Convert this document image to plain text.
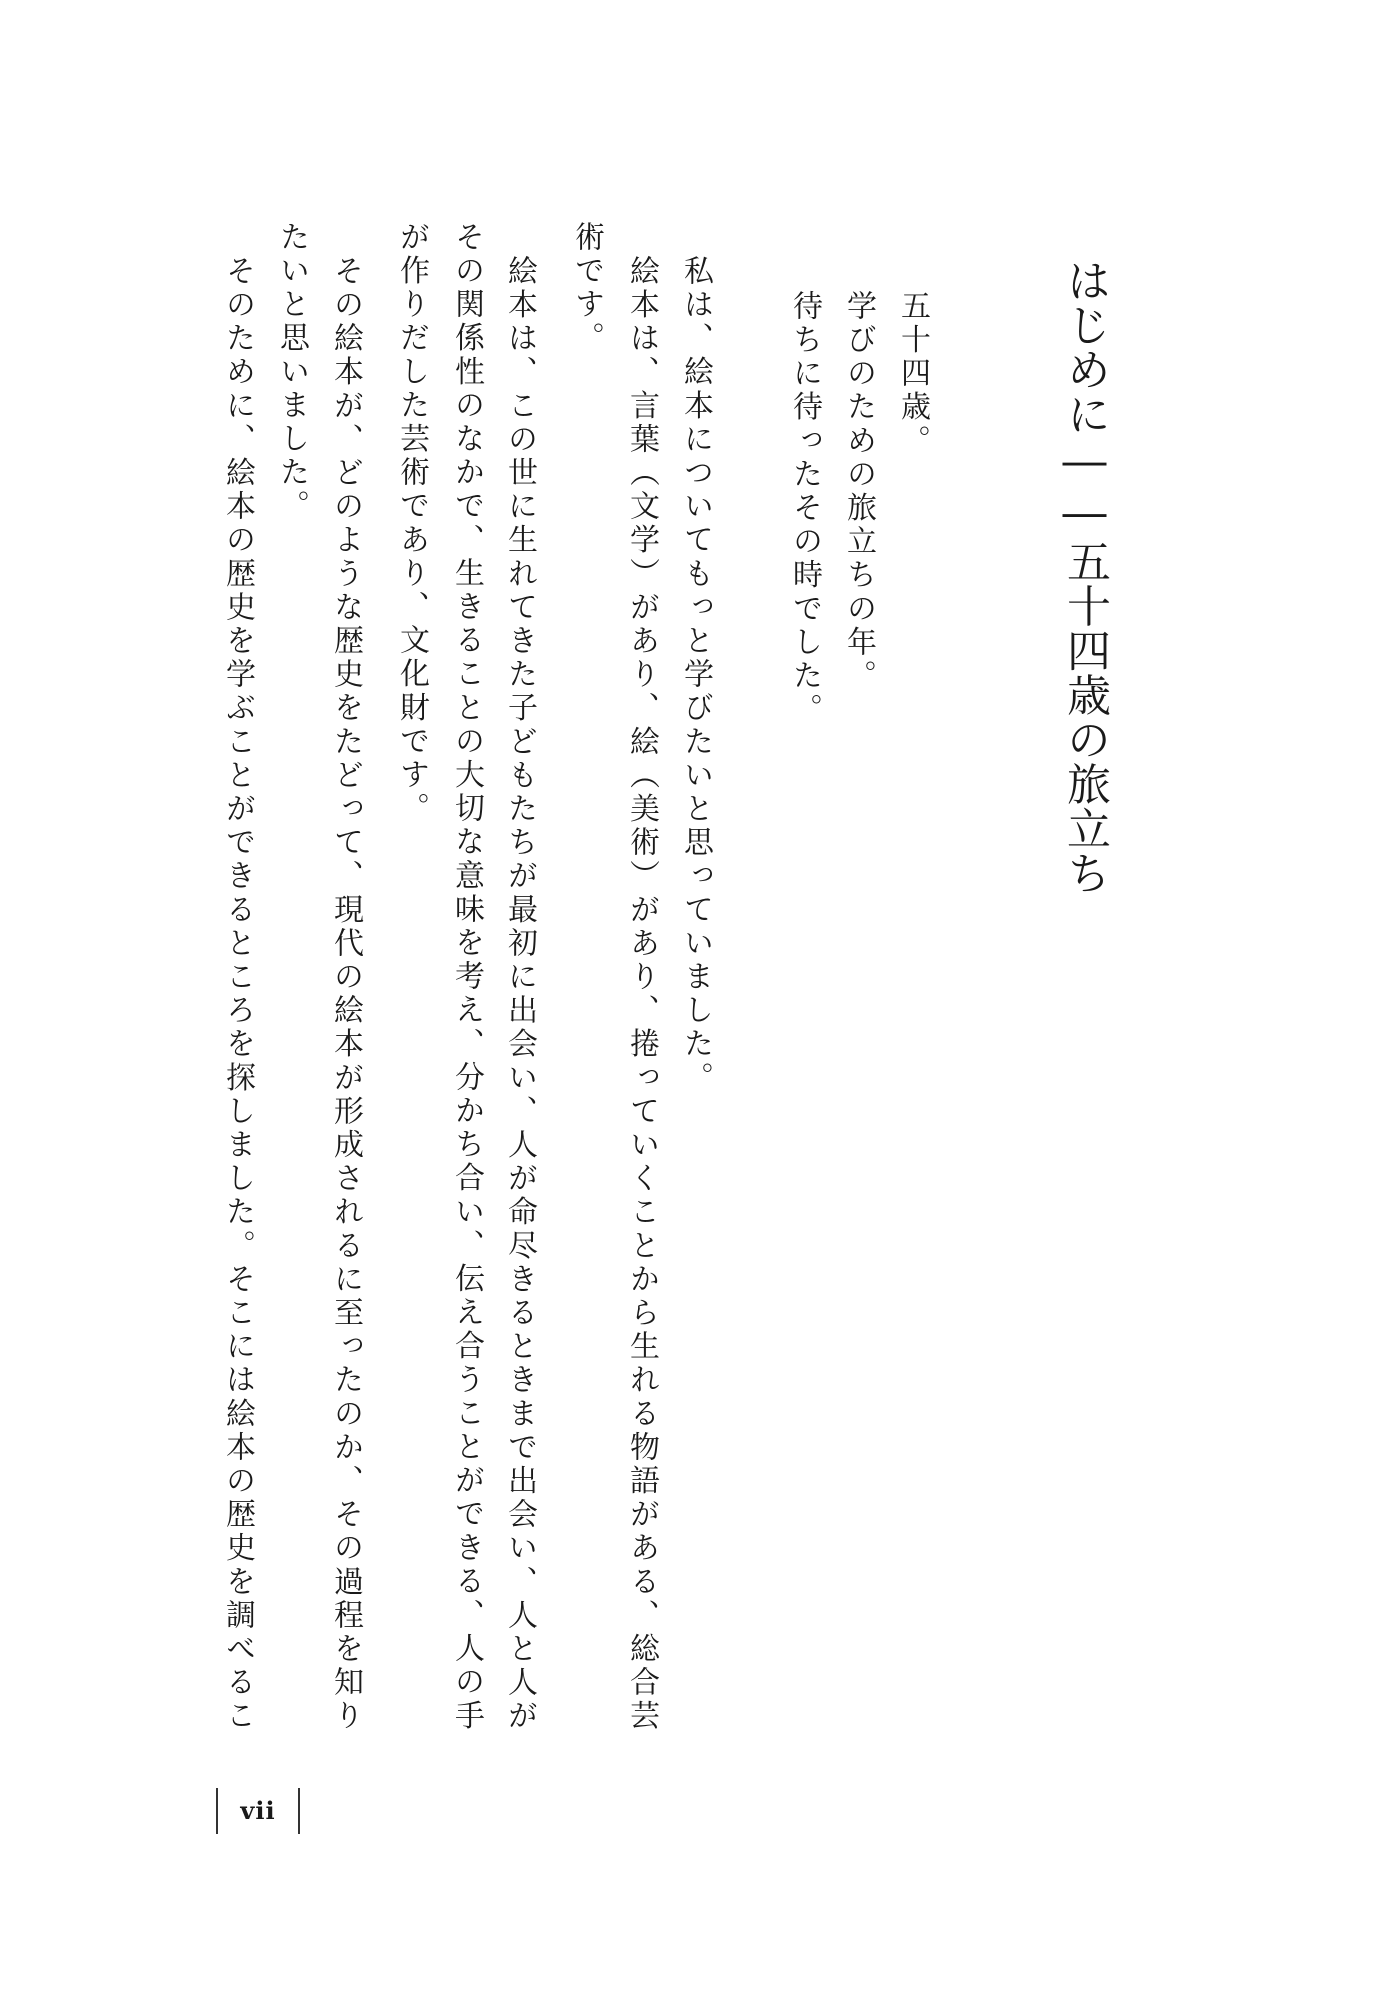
はじめに――五十四歳の旅立ち
五十四歳。
学びのための旅立ちの年。
待ちに待ったその時でした。
私は、絵本についてもっと学びたいと思っていました。
絵本は、言葉（文学）があり、絵（美術）があり、捲っていくことから生れる物語がある、総合芸
術です。
絵本は、この世に生れてきた子どもたちが最初に出会い、人が命尽きるときまで出会い、人と人が
その関係性のなかで、生きることの大切な意味を考え、分かち合い、伝え合うことができる、人の手
が作りだした芸術であり、文化財です。
その絵本が、どのような歴史をたどって、現代の絵本が形成されるに至ったのか、その過程を知り
たいと思いました。
そのために、絵本の歴史を学ぶことができるところを探しました。そこには絵本の歴史を調べるこ
vii
